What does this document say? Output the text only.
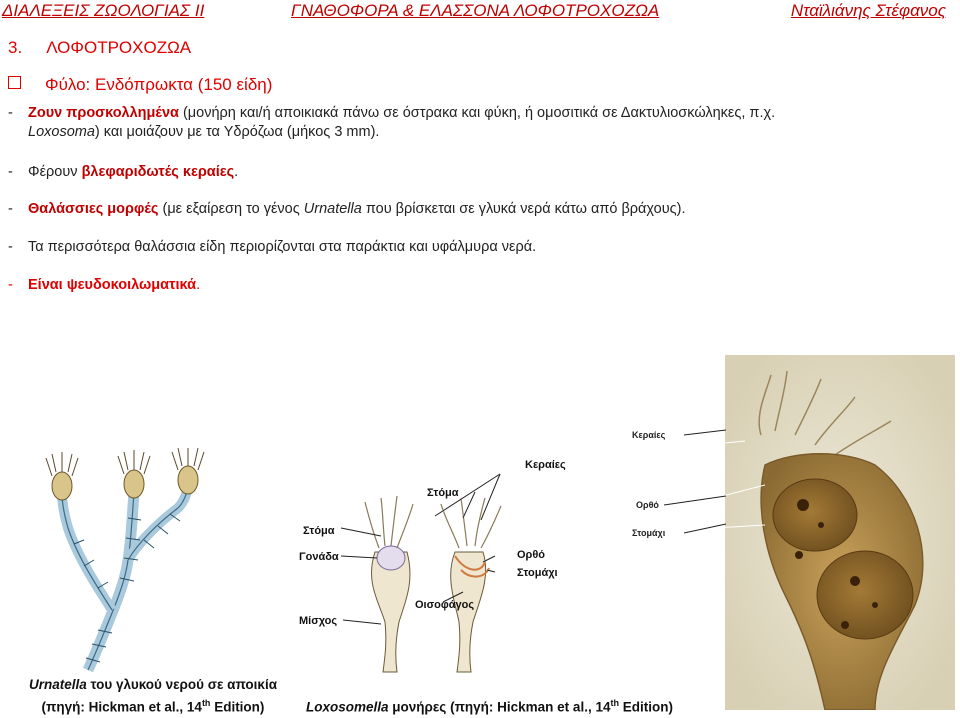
ΔΙΑΛΕΞΕΙΣ ΖΩΟΛΟΓΙΑΣ ΙΙ	ΓΝΑΘΟΦΟΡΑ & ΕΛΑΣΣΟΝΑ ΛΟΦΟΤΡΟΧΟΖΩΑ	Νταϊλιάνης Στέφανος
3. ΛΟΦΟΤΡΟΧΟΖΩΑ
Φύλο: Ενδόπρωκτα (150 είδη)
- Ζουν προσκολλημένα (μονήρη και/ή αποικιακά πάνω σε όστρακα και φύκη, ή ομοσιτικά σε Δακτυλιοσκώληκες, π.χ.
Loxosoma) και μοιάζουν με τα Υδρόζωα (μήκος 3 mm).
- Φέρουν βλεφαριδωτές κεραίες.
- Θαλάσσιες μορφές (με εξαίρεση το γένος Urnatella που βρίσκεται σε γλυκά νερά κάτω από βράχους).
- Τα περισσότερα θαλάσσια είδη περιορίζονται στα παράκτια και υφάλμυρα νερά.
- Είναι ψευδοκοιλωματικά.
Κεραίες
Στόμα
Στόμα
Γονάδα	Ορθό
Στομάχι
Οισοφάγος
Μίσχος
Κεραίες
Ορθό
Στομάχι
Urnatella του γλυκού νερού σε αποικία
(πηγή: Hickman et al., 14th Edition)	Loxosomella μονήρες (πηγή: Hickman et al., 14th Edition)
